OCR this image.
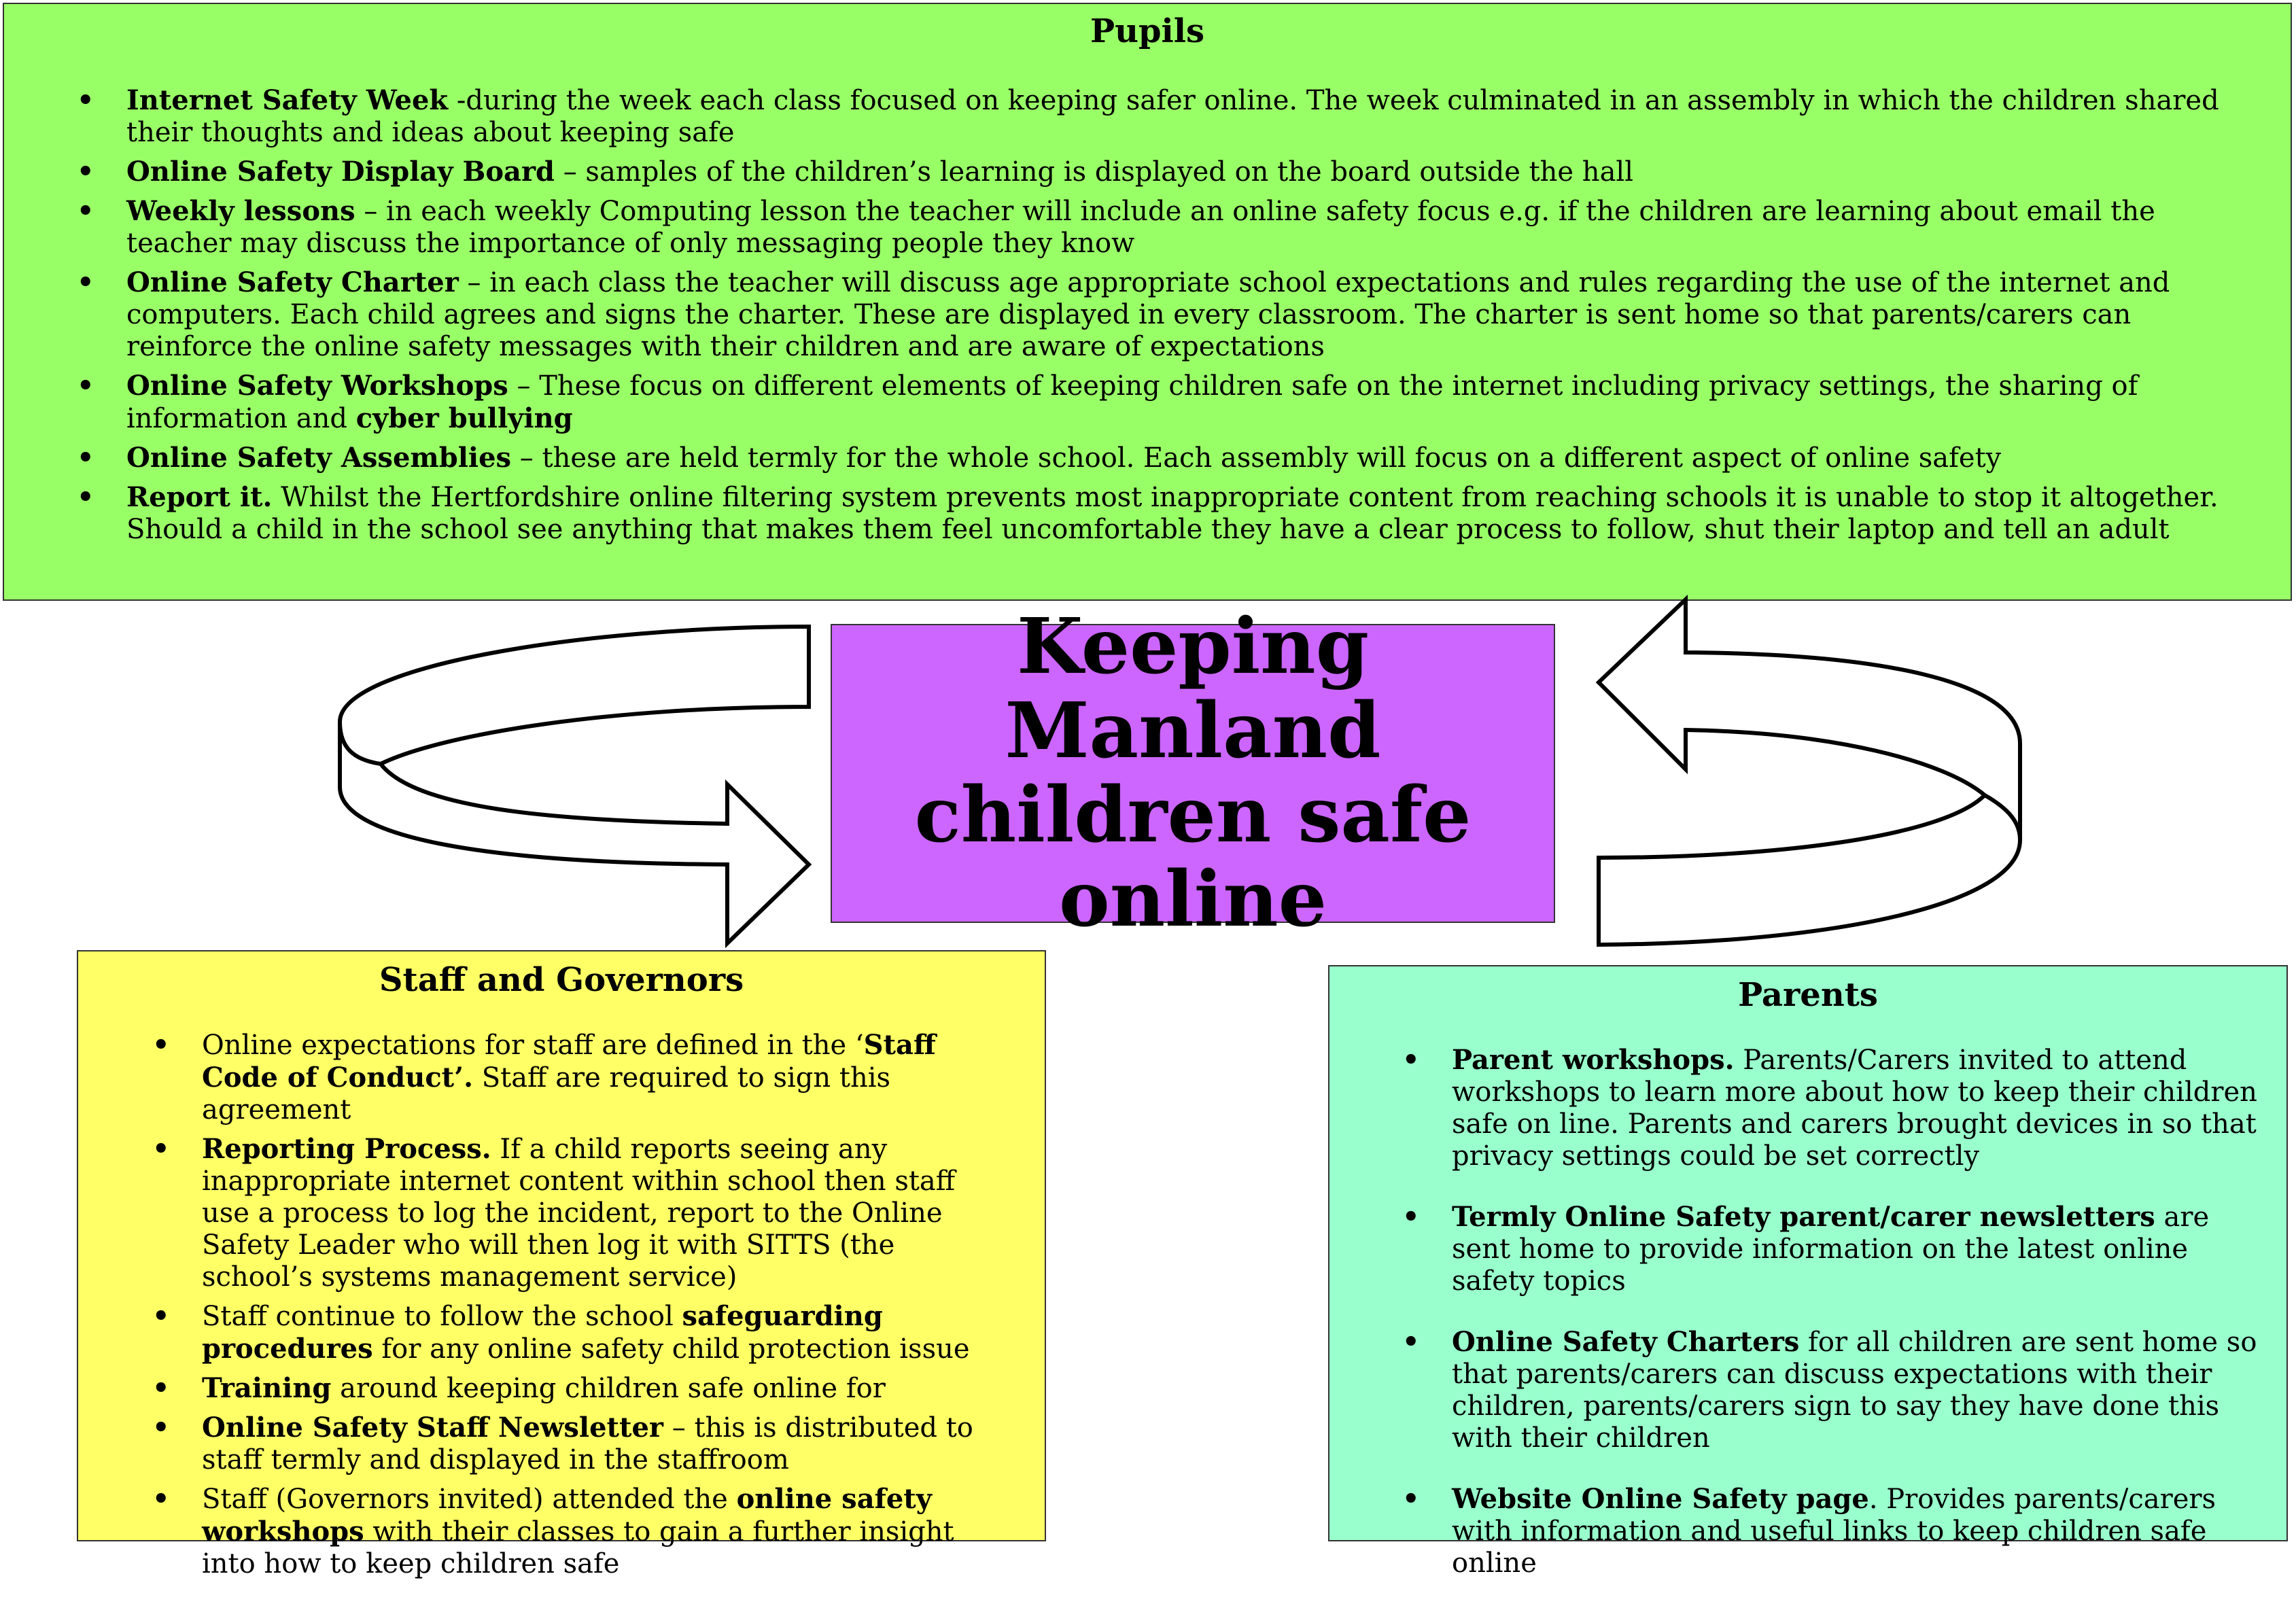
Pupils
• Internet Safety Week -during the week each class focused on keeping safer online. The week culminated in an assembly in which the children shared their thoughts and ideas about keeping safe
• Online Safety Display Board – samples of the children’s learning is displayed on the board outside the hall
• Weekly lessons – in each weekly Computing lesson the teacher will include an online safety focus e.g. if the children are learning about email the teacher may discuss the importance of only messaging people they know
• Online Safety Charter – in each class the teacher will discuss age appropriate school expectations and rules regarding the use of the internet and computers. Each child agrees and signs the charter. These are displayed in every classroom. The charter is sent home so that parents/carers can reinforce the online safety messages with their children and are aware of expectations
• Online Safety Workshops – These focus on different elements of keeping children safe on the internet including privacy settings, the sharing of information and cyber bullying
• Online Safety Assemblies – these are held termly for the whole school. Each assembly will focus on a different aspect of online safety
• Report it. Whilst the Hertfordshire online filtering system prevents most inappropriate content from reaching schools it is unable to stop it altogether. Should a child in the school see anything that makes them feel uncomfortable they have a clear process to follow, shut their laptop and tell an adult
Keeping Manland
children safe
online
Staff and Governors
• Online expectations for staff are defined in the ‘Staff Code of Conduct’. Staff are required to sign this agreement
• Reporting Process. If a child reports seeing any inappropriate internet content within school then staff use a process to log the incident, report to the Online Safety Leader who will then log it with SITTS (the school’s systems management service)
• Staff continue to follow the school safeguarding procedures for any online safety child protection issue
• Training around keeping children safe online for
• Online Safety Staff Newsletter – this is distributed to staff termly and displayed in the staffroom
• Staff (Governors invited) attended the online safety workshops with their classes to gain a further insight into how to keep children safe
Parents
• Parent workshops. Parents/Carers invited to attend workshops to learn more about how to keep their children safe on line. Parents and carers brought devices in so that privacy settings could be set correctly
• Termly Online Safety parent/carer newsletters are sent home to provide information on the latest online safety topics
• Online Safety Charters for all children are sent home so that parents/carers can discuss expectations with their children, parents/carers sign to say they have done this with their children
• Website Online Safety page. Provides parents/carers with information and useful links to keep children safe online
